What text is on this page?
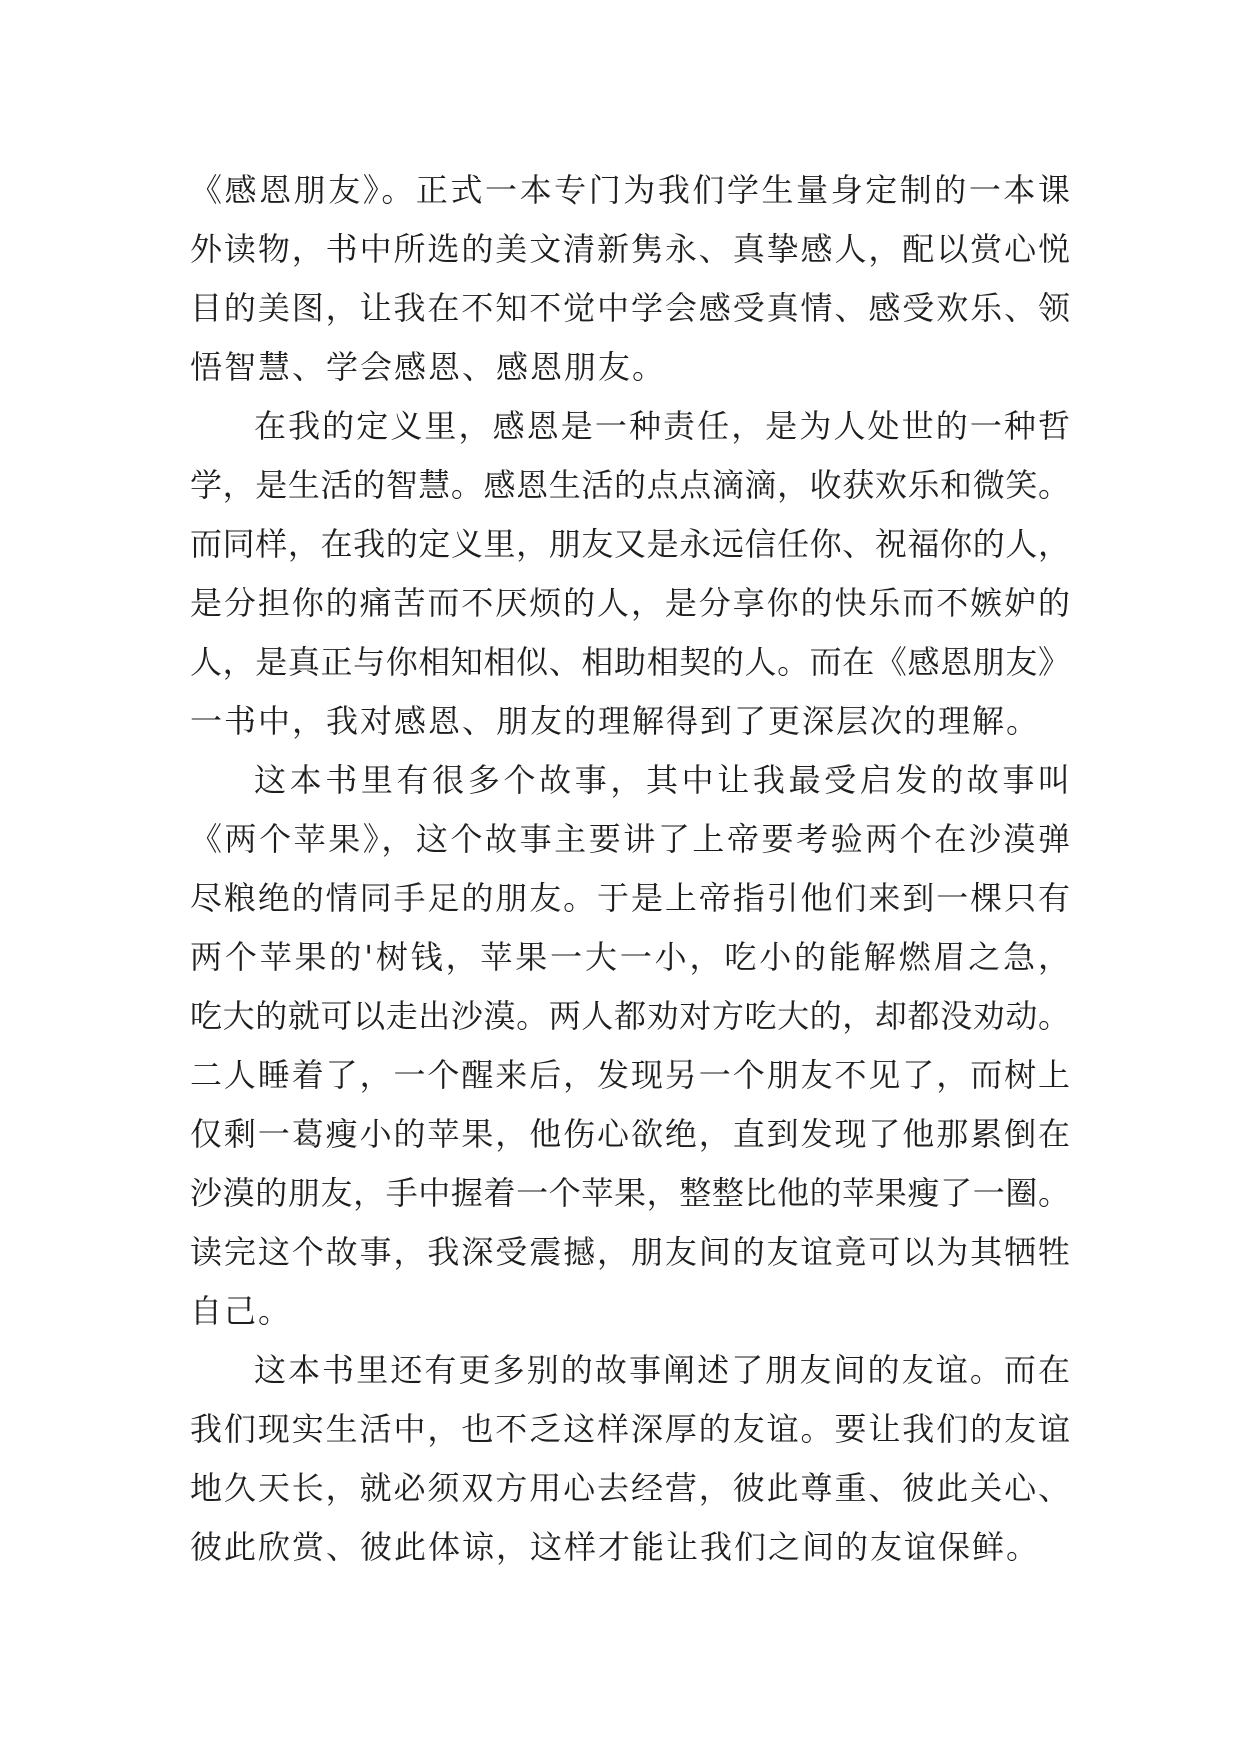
《感恩朋友》。正式一本专门为我们学生量身定制的一本课
外读物，书中所选的美文清新隽永、真挚感人，配以赏心悦
目的美图，让我在不知不觉中学会感受真情、感受欢乐、领
悟智慧、学会感恩、感恩朋友。
在我的定义里，感恩是一种责任，是为人处世的一种哲
学，是生活的智慧。感恩生活的点点滴滴，收获欢乐和微笑。
而同样，在我的定义里，朋友又是永远信任你、祝福你的人，
是分担你的痛苦而不厌烦的人，是分享你的快乐而不嫉妒的
人，是真正与你相知相似、相助相契的人。而在《感恩朋友》
一书中，我对感恩、朋友的理解得到了更深层次的理解。
这本书里有很多个故事，其中让我最受启发的故事叫
《两个苹果》，这个故事主要讲了上帝要考验两个在沙漠弹
尽粮绝的情同手足的朋友。于是上帝指引他们来到一棵只有
两个苹果的'树钱，苹果一大一小，吃小的能解燃眉之急，
吃大的就可以走出沙漠。两人都劝对方吃大的，却都没劝动。
二人睡着了，一个醒来后，发现另一个朋友不见了，而树上
仅剩一葛瘦小的苹果，他伤心欲绝，直到发现了他那累倒在
沙漠的朋友，手中握着一个苹果，整整比他的苹果瘦了一圈。
读完这个故事，我深受震撼，朋友间的友谊竟可以为其牺牲
自己。
这本书里还有更多别的故事阐述了朋友间的友谊。而在
我们现实生活中，也不乏这样深厚的友谊。要让我们的友谊
地久天长，就必须双方用心去经营，彼此尊重、彼此关心、
彼此欣赏、彼此体谅，这样才能让我们之间的友谊保鲜。
